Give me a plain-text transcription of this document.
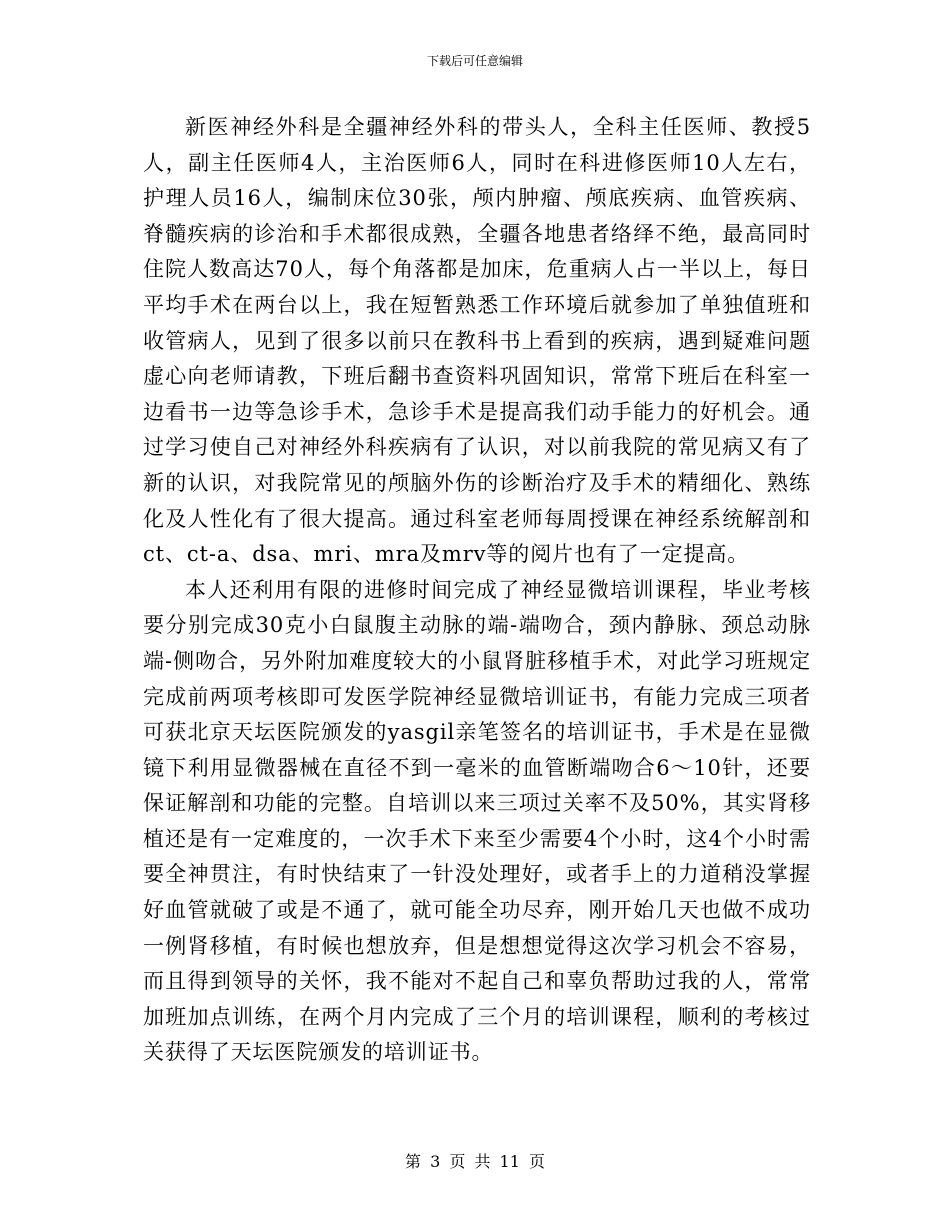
下载后可任意编辑

新医神经外科是全疆神经外科的带头人，全科主任医师、教授5人，副主任医师4人，主治医师6人，同时在科进修医师10人左右，护理人员16人，编制床位30张，颅内肿瘤、颅底疾病、血管疾病、脊髓疾病的诊治和手术都很成熟，全疆各地患者络绎不绝，最高同时住院人数高达70人，每个角落都是加床，危重病人占一半以上，每日平均手术在两台以上，我在短暂熟悉工作环境后就参加了单独值班和收管病人，见到了很多以前只在教科书上看到的疾病，遇到疑难问题虚心向老师请教，下班后翻书查资料巩固知识，常常下班后在科室一边看书一边等急诊手术，急诊手术是提高我们动手能力的好机会。通过学习使自己对神经外科疾病有了认识，对以前我院的常见病又有了新的认识，对我院常见的颅脑外伤的诊断治疗及手术的精细化、熟练化及人性化有了很大提高。通过科室老师每周授课在神经系统解剖和ct、ct-a、dsa、mri、mra及mrv等的阅片也有了一定提高。

本人还利用有限的进修时间完成了神经显微培训课程，毕业考核要分别完成30克小白鼠腹主动脉的端-端吻合，颈内静脉、颈总动脉端-侧吻合，另外附加难度较大的小鼠肾脏移植手术，对此学习班规定完成前两项考核即可发医学院神经显微培训证书，有能力完成三项者可获北京天坛医院颁发的yasgil亲笔签名的培训证书，手术是在显微镜下利用显微器械在直径不到一毫米的血管断端吻合6～10针，还要保证解剖和功能的完整。自培训以来三项过关率不及50%，其实肾移植还是有一定难度的，一次手术下来至少需要4个小时，这4个小时需要全神贯注，有时快结束了一针没处理好，或者手上的力道稍没掌握好血管就破了或是不通了，就可能全功尽弃，刚开始几天也做不成功一例肾移植，有时候也想放弃，但是想想觉得这次学习机会不容易，而且得到领导的关怀，我不能对不起自己和辜负帮助过我的人，常常加班加点训练，在两个月内完成了三个月的培训课程，顺利的考核过关获得了天坛医院颁发的培训证书。

第 3 页 共 11 页
